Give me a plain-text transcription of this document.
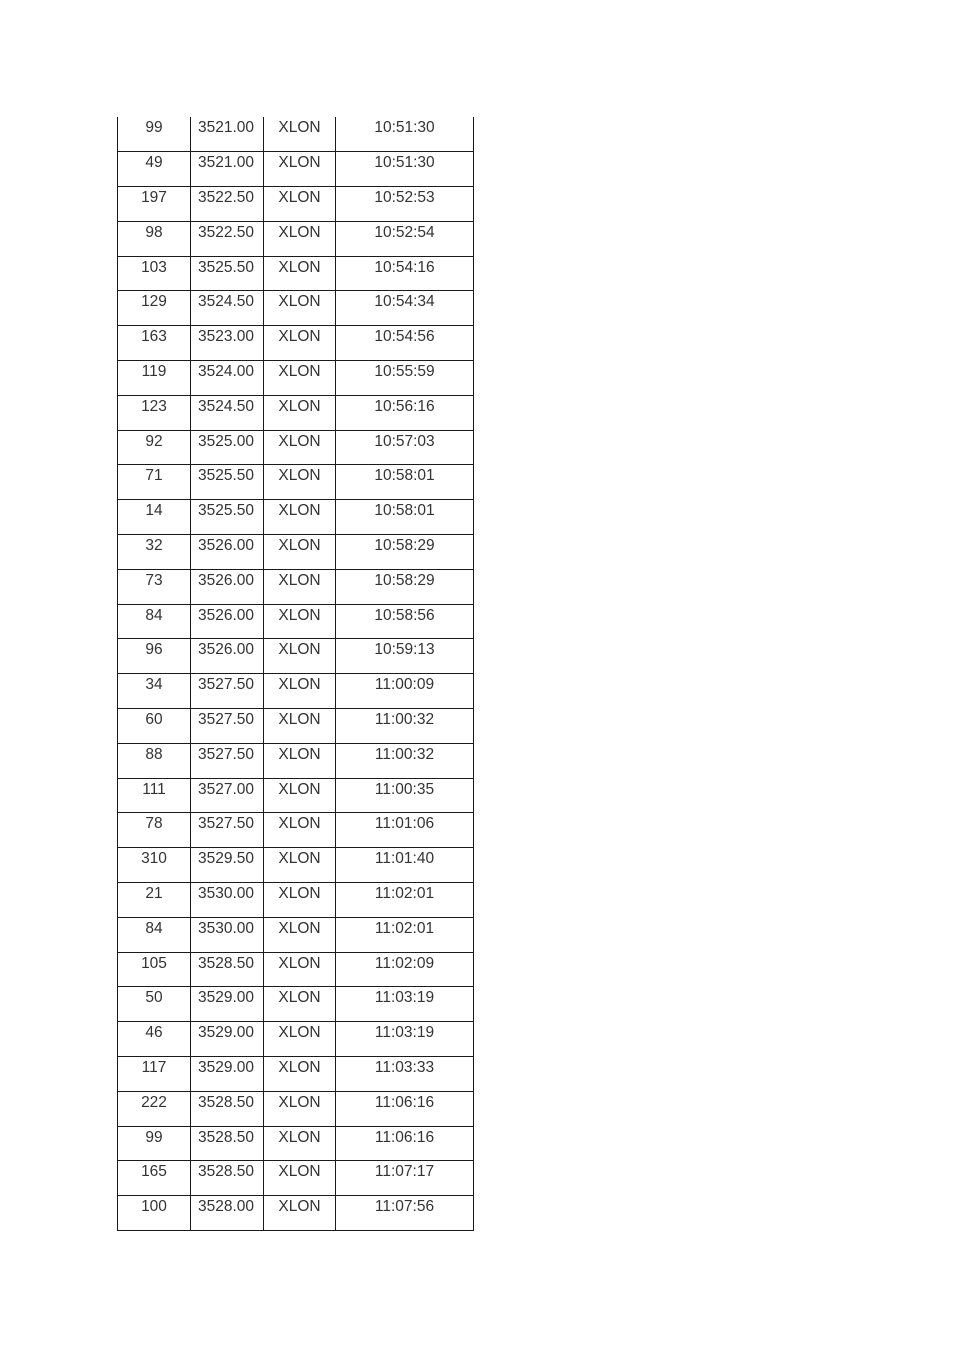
99	3521.00	XLON	10:51:30
49	3521.00	XLON	10:51:30
197	3522.50	XLON	10:52:53
98	3522.50	XLON	10:52:54
103	3525.50	XLON	10:54:16
129	3524.50	XLON	10:54:34
163	3523.00	XLON	10:54:56
119	3524.00	XLON	10:55:59
123	3524.50	XLON	10:56:16
92	3525.00	XLON	10:57:03
71	3525.50	XLON	10:58:01
14	3525.50	XLON	10:58:01
32	3526.00	XLON	10:58:29
73	3526.00	XLON	10:58:29
84	3526.00	XLON	10:58:56
96	3526.00	XLON	10:59:13
34	3527.50	XLON	11:00:09
60	3527.50	XLON	11:00:32
88	3527.50	XLON	11:00:32
111	3527.00	XLON	11:00:35
78	3527.50	XLON	11:01:06
310	3529.50	XLON	11:01:40
21	3530.00	XLON	11:02:01
84	3530.00	XLON	11:02:01
105	3528.50	XLON	11:02:09
50	3529.00	XLON	11:03:19
46	3529.00	XLON	11:03:19
117	3529.00	XLON	11:03:33
222	3528.50	XLON	11:06:16
99	3528.50	XLON	11:06:16
165	3528.50	XLON	11:07:17
100	3528.00	XLON	11:07:56
